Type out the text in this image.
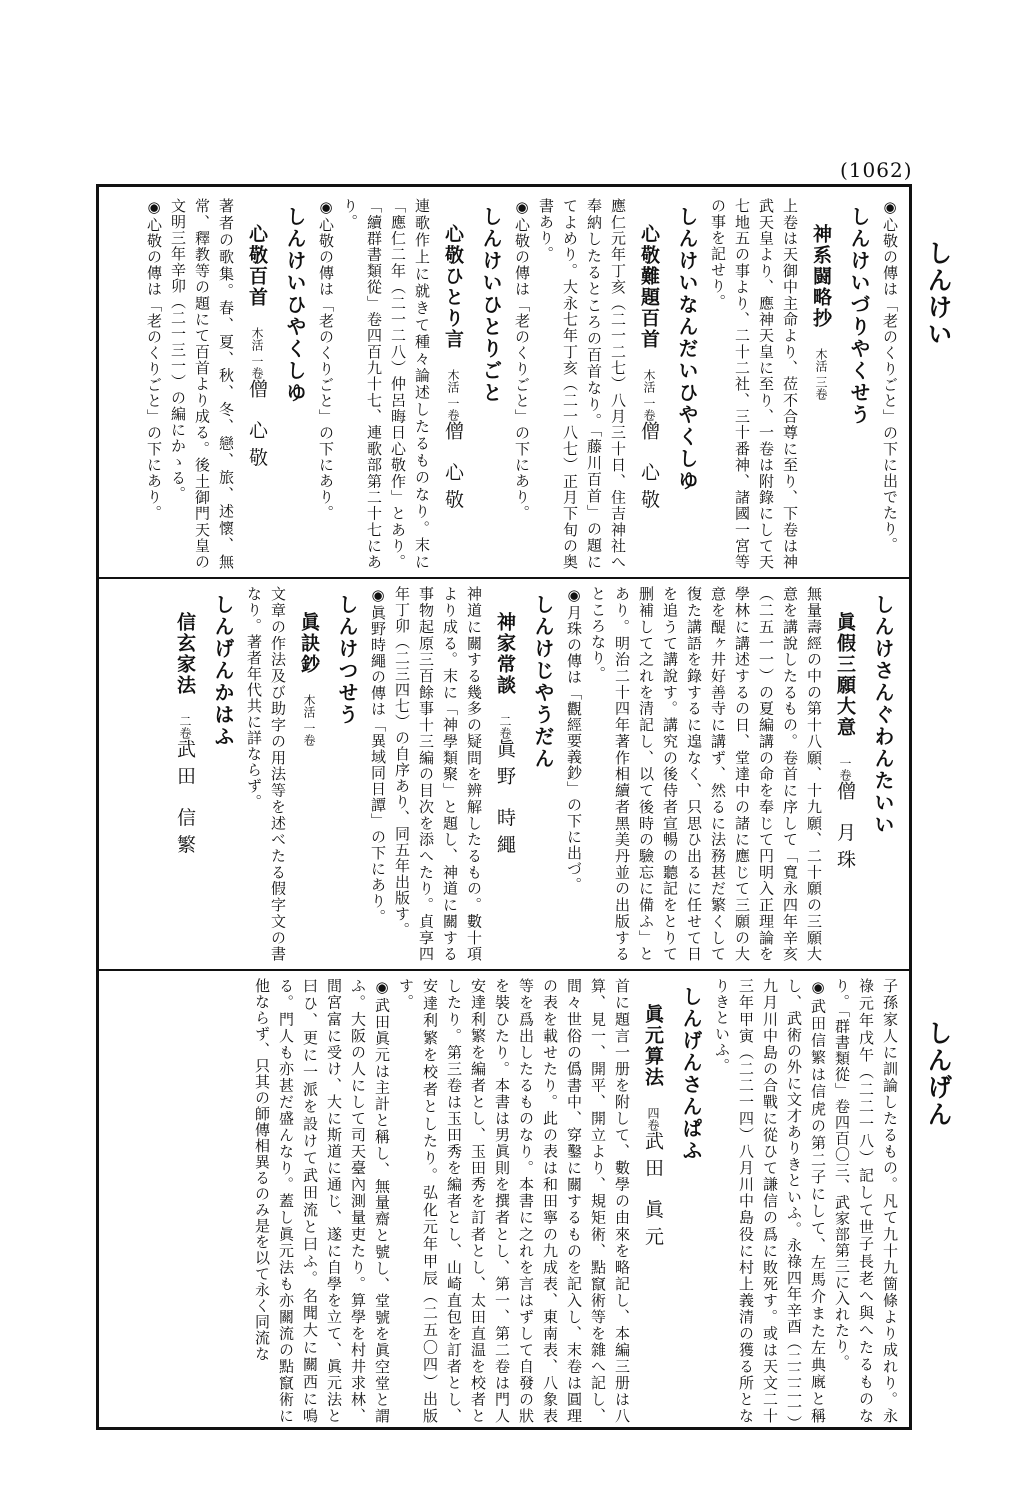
(1062)
しんけい
しんげん
◉心敬の傳は「老のくりごと」の下に出でたり。
しんけいづりやくせう
神系闘略抄　木活 三卷
上卷は天御中主命より、莅不合尊に至り、下卷は神武天皇より、應神天皇に至り、一卷は附錄にして天七地五の事より、二十二社、三十番神、諸國一宮等の事を記せり。
しんけいなんだいひやくしゆ
心敬難題百首　木活 一卷僧 心敬
應仁元年丁亥（二一二七）八月三十日、住吉神社へ奉納したるところの百首なり。「藤川百首」の題にてよめり。大永七年丁亥（二一八七）正月下旬の奥書あり。
◉心敬の傳は「老のくりごと」の下にあり。
しんけいひとりごと
心敬ひとり言　木活 一卷僧 心敬
連歌作上に就きて種々論述したるものなり。末に「應仁二年（二一二八）仲呂晦日心敬作」とあり。「續群書類從」卷四百九十七、連歌部第二十七にあり。
◉心敬の傳は「老のくりごと」の下にあり。
しんけいひやくしゆ
心敬百首　木活 一卷僧 心敬
著者の歌集。春、夏、秋、冬、戀、旅、述懷、無常、釋教等の題にて百首より成る。後土御門天皇の文明三年辛卯（二一三一）の編にかゝる。
◉心敬の傳は「老のくりごと」の下にあり。
しんけさんぐわんたいい
眞假三願大意　一卷僧 月珠
無量壽經の中の第十八願、十九願、二十願の三願大意を講說したるもの。卷首に序して「寬永四年辛亥（二五一一）の夏編講の命を奉じて円明入正理論を學林に講述するの日、堂達中の諸に應じて三願の大意を醍ヶ井好善寺に講ず、然るに法務甚だ繁くして復た講語を錄するに遑なく、只思ひ出るに任せて日を追うて講說す。講究の後侍者宣暢の聽記をとりて删補して之れを清記し、以て後時の驗忘に備ふ」とあり。明治二十四年著作相續者黑美丹並の出版するところなり。
◉月珠の傳は「觀經要義鈔」の下に出づ。
しんけじやうだん
神家常談　二卷眞野 時繩
神道に關する幾多の疑問を辨解したるもの。數十項より成る。末に「神學類聚」と題し、神道に關する事物起原三百餘事十三編の目次を添へたり。貞享四年丁卯（二三四七）の自序あり、同五年出版す。
◉眞野時繩の傳は「異域同日譚」の下にあり。
しんけつせう
眞訣鈔　木活 一卷
文章の作法及び助字の用法等を述べたる假字文の書なり。著者年代共に詳ならず。
しんげんかはふ
信玄家法　二卷武田 信繁
子孫家人に訓論したるもの。凡て九十九箇條より成れり。永祿元年戊午（二二一八）記して世子長老へ與へたるものなり。「群書類從」卷四百〇三、武家部第三に入れたり。
◉武田信繁は信虎の第二子にして、左馬介また左典廐と稱し、武術の外に文才ありきといふ。永祿四年辛酉（二二二一）九月川中島の合戰に從ひて謙信の爲に敗死す。或は天文二十三年甲寅（二二一四）八月川中島役に村上義清の獲る所となりきといふ。
しんげんさんぱふ
眞元算法　四卷武田 眞元
首に題言一册を附して、數學の由來を略記し、本編三册は八算、見一、開平、開立より、規矩術、點竄術等を雜へ記し、間々世俗の僞書中、穿鑿に關するものを記入し、末卷は圓理の表を載せたり。此の表は和田寧の九成表、東南表、八象表等を爲出したるものなり。本書に之れを言はずして自發の狀を裝ひたり。本書は男眞則を撰者とし、第一、第二卷は門人安達利繁を編者とし、玉田秀を訂者とし、太田直温を校者としたり。第三卷は玉田秀を編者とし、山崎直包を訂者とし、安達利繁を校者としたり。弘化元年甲辰（二五〇四）出版す。
◉武田眞元は主計と稱し、無量齋と號し、堂號を眞空堂と謂ふ。大阪の人にして司天臺內測量吏たり。算學を村井求林、間宮富に受け、大に斯道に通じ、遂に自學を立て、眞元法と曰ひ、更に一派を設けて武田流と曰ふ。名聞大に關西に鳴る。門人も亦甚だ盛んなり。蓋し眞元法も亦關流の點竄術に他ならず、只其の師傳相異るのみ是を以て永く同流な
